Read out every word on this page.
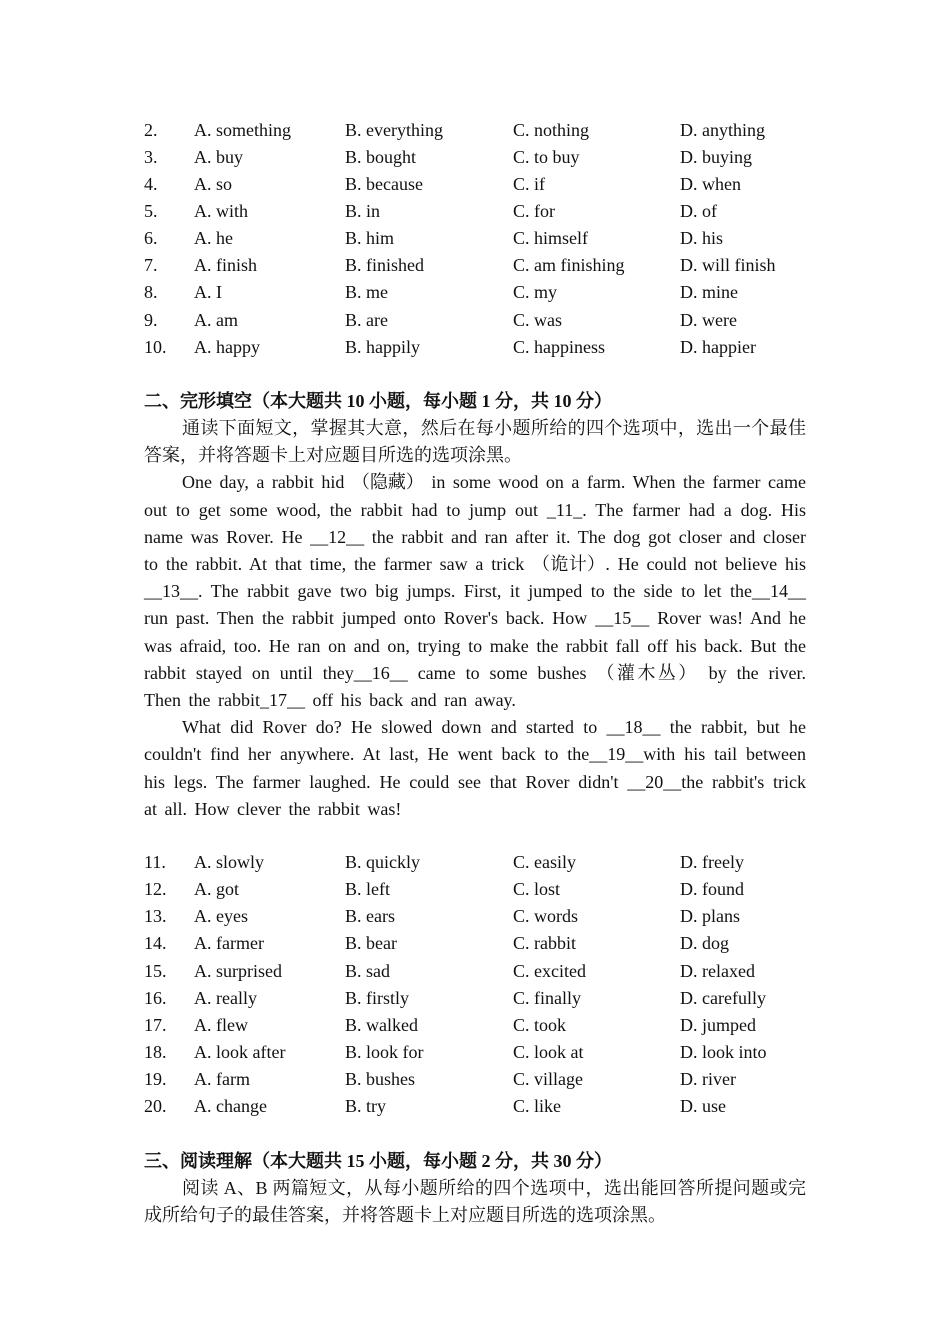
2. A. something	B. everything	C. nothing	D. anything
3. A. buy	B. bought	C. to buy	D. buying
4. A. so	B. because	C. if	D. when
5. A. with	B. in	C. for	D. of
6. A. he	B. him	C. himself	D. his
7. A. finish	B. finished	C. am finishing	D. will finish
8. A. I	B. me	C. my	D. mine
9. A. am	B. are	C. was	D. were
10. A. happy	B. happily	C. happiness	D. happier
二、完形填空（本大题共 10 小题，每小题 1 分，共 10 分）

通读下面短文，掌握其大意，然后在每小题所给的四个选项中，选出一个最佳答案，并将答题卡上对应题目所选的选项涂黑。

One day, a rabbit hid （隐藏） in some wood on a farm. When the farmer came out to get some wood, the rabbit had to jump out _11_. The farmer had a dog. His name was Rover. He __12__ the rabbit and ran after it. The dog got closer and closer to the rabbit. At that time, the farmer saw a trick （诡计）. He could not believe his __13__. The rabbit gave two big jumps. First, it jumped to the side to let the__14__ run past. Then the rabbit jumped onto Rover's back. How __15__ Rover was! And he was afraid, too. He ran on and on, trying to make the rabbit fall off his back. But the rabbit stayed on until they__16__ came to some bushes （灌木丛） by the river. Then the rabbit_17__ off his back and ran away.

What did Rover do? He slowed down and started to __18__ the rabbit, but he couldn't find her anywhere. At last, He went back to the__19__with his tail between his legs. The farmer laughed. He could see that Rover didn't __20__the rabbit's trick at all. How clever the rabbit was!

11. A. slowly	B. quickly	C. easily	D. freely
12. A. got	B. left	C. lost	D. found
13. A. eyes	B. ears	C. words	D. plans
14. A. farmer	B. bear	C. rabbit	D. dog
15. A. surprised	B. sad	C. excited	D. relaxed
16. A. really	B. firstly	C. finally	D. carefully
17. A. flew	B. walked	C. took	D. jumped
18. A. look after	B. look for	C. look at	D. look into
19. A. farm	B. bushes	C. village	D. river
20. A. change	B. try	C. like	D. use
三、阅读理解（本大题共 15 小题，每小题 2 分，共 30 分）

阅读 A、B 两篇短文，从每小题所给的四个选项中，选出能回答所提问题或完成所给句子的最佳答案，并将答题卡上对应题目所选的选项涂黑。
